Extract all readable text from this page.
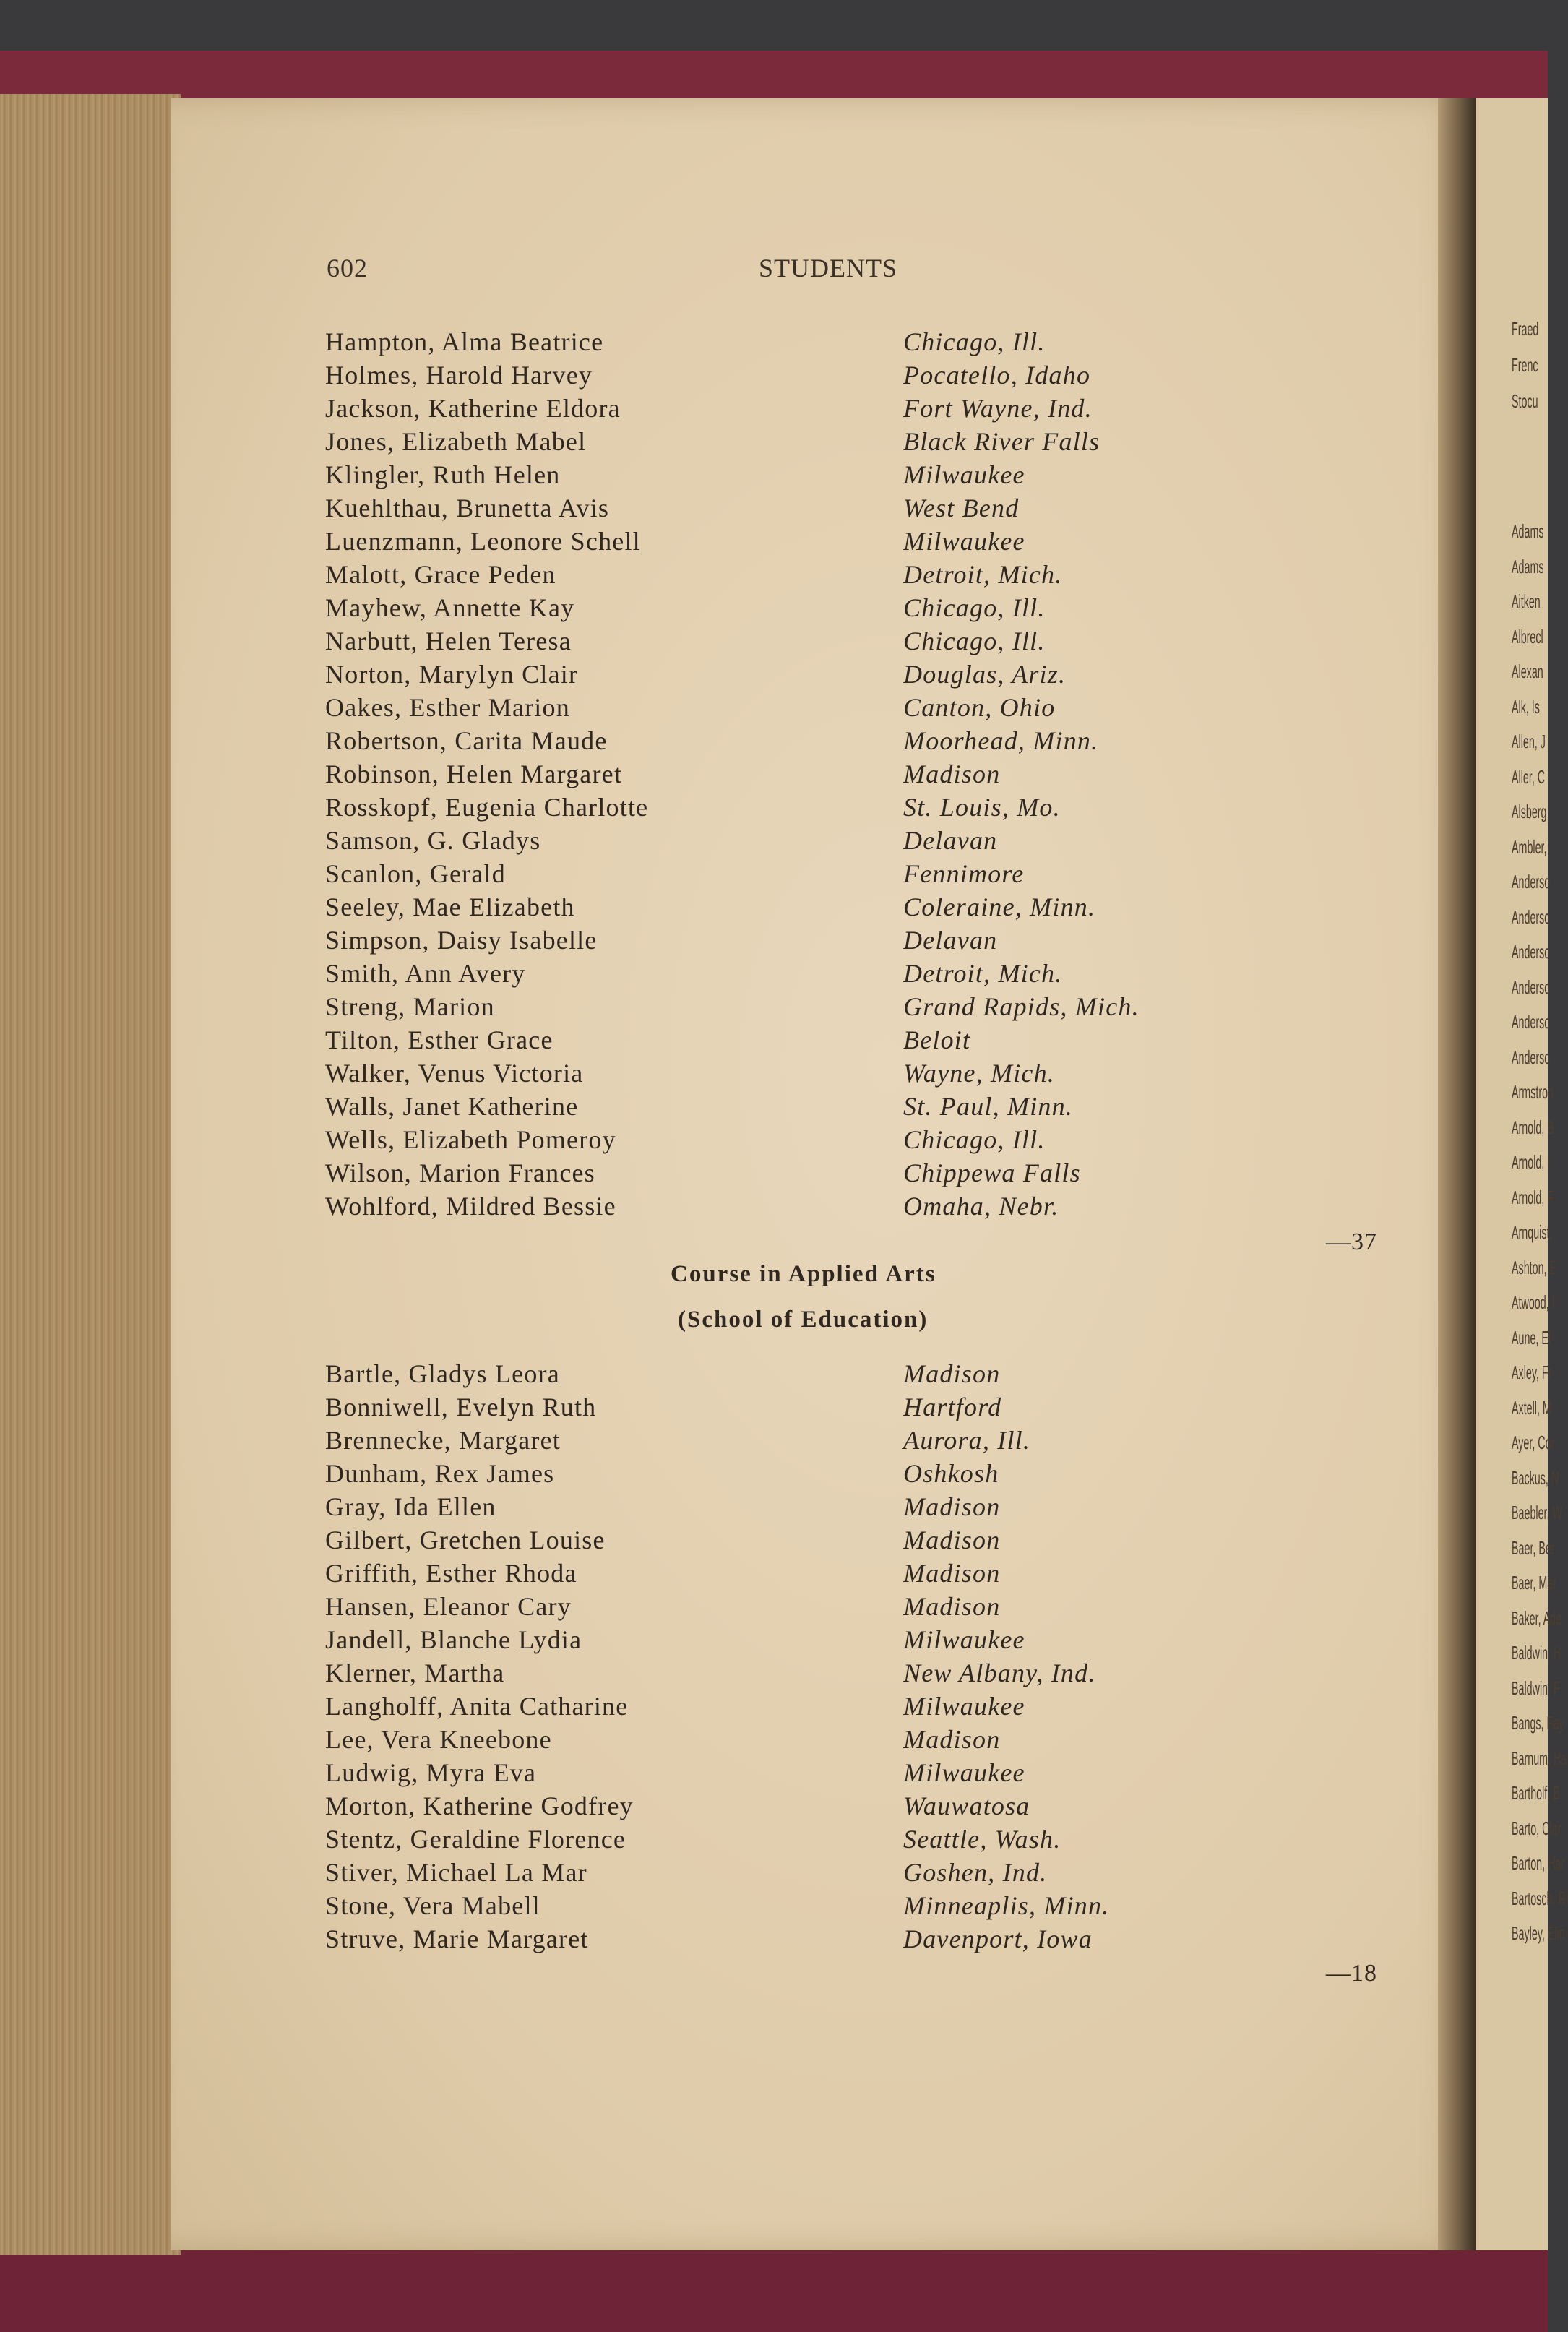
602	STUDENTS
Hampton, Alma Beatrice	Chicago, Ill.
Holmes, Harold Harvey	Pocatello, Idaho
Jackson, Katherine Eldora	Fort Wayne, Ind.
Jones, Elizabeth Mabel	Black River Falls
Klingler, Ruth Helen	Milwaukee
Kuehlthau, Brunetta Avis	West Bend
Luenzmann, Leonore Schell	Milwaukee
Malott, Grace Peden	Detroit, Mich.
Mayhew, Annette Kay	Chicago, Ill.
Narbutt, Helen Teresa	Chicago, Ill.
Norton, Marylyn Clair	Douglas, Ariz.
Oakes, Esther Marion	Canton, Ohio
Robertson, Carita Maude	Moorhead, Minn.
Robinson, Helen Margaret	Madison
Rosskopf, Eugenia Charlotte	St. Louis, Mo.
Samson, G. Gladys	Delavan
Scanlon, Gerald	Fennimore
Seeley, Mae Elizabeth	Coleraine, Minn.
Simpson, Daisy Isabelle	Delavan
Smith, Ann Avery	Detroit, Mich.
Streng, Marion	Grand Rapids, Mich.
Tilton, Esther Grace	Beloit
Walker, Venus Victoria	Wayne, Mich.
Walls, Janet Katherine	St. Paul, Minn.
Wells, Elizabeth Pomeroy	Chicago, Ill.
Wilson, Marion Frances	Chippewa Falls
Wohlford, Mildred Bessie	Omaha, Nebr.
—37
Course in Applied Arts
(School of Education)
Bartle, Gladys Leora	Madison
Bonniwell, Evelyn Ruth	Hartford
Brennecke, Margaret	Aurora, Ill.
Dunham, Rex James	Oshkosh
Gray, Ida Ellen	Madison
Gilbert, Gretchen Louise	Madison
Griffith, Esther Rhoda	Madison
Hansen, Eleanor Cary	Madison
Jandell, Blanche Lydia	Milwaukee
Klerner, Martha	New Albany, Ind.
Langholff, Anita Catharine	Milwaukee
Lee, Vera Kneebone	Madison
Ludwig, Myra Eva	Milwaukee
Morton, Katherine Godfrey	Wauwatosa
Stentz, Geraldine Florence	Seattle, Wash.
Stiver, Michael La Mar	Goshen, Ind.
Stone, Vera Mabell	Minneaplis, Minn.
Struve, Marie Margaret	Davenport, Iowa
—18
Fraed
Frenc
Stocu
Adams
Adams
Aitken
Albrecl
Alexan
Alk, Is
Allen, J
Aller, C
Alsberg
Ambler,
Anderso
Anderso
Anderso
Anderso
Anderso
Anderso
Armstron
Arnold, B
Arnold, I
Arnold, F
Arnquist,
Ashton, E
Atwood, I
Aune, El
Axley, Fr
Axtell, M
Ayer, Cor
Backus, N
Baebler, W
Baer, Ber
Baer, Mar
Baker, Ade
Baldwin, H
Baldwin, F
Bangs, Fay
Barnum, Ha
Bartholf, B
Barto, Clar
Barton, Har
Bartosch, Ri
Bayley, Elin
